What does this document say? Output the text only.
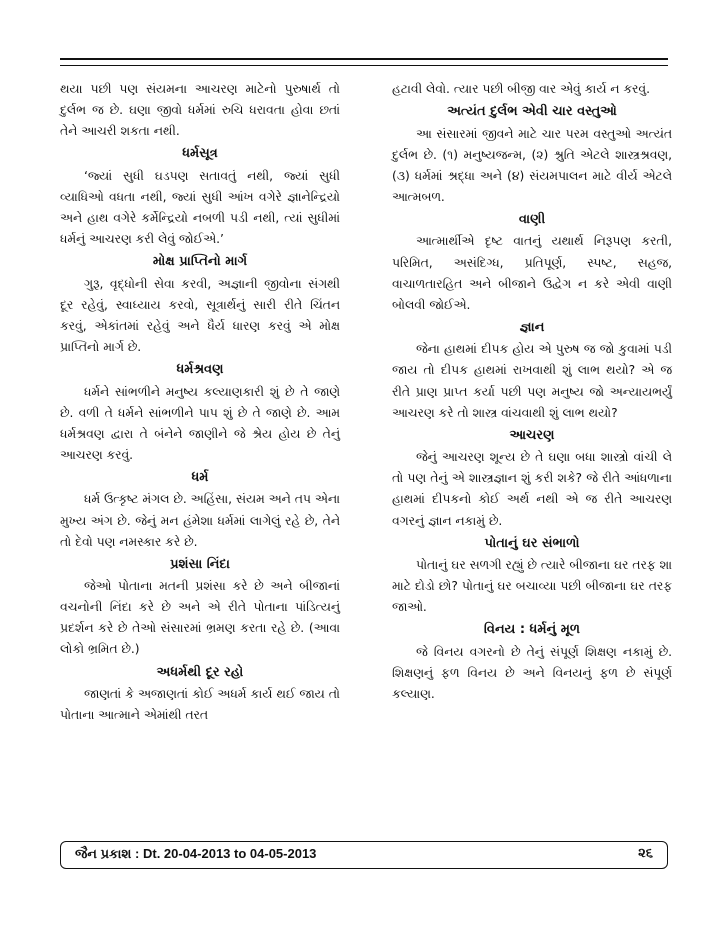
થયા પછી પણ સંયમના આચરણ માટેનો પુરુષાર્થ તો દુર્લભ જ છે. ઘણા જીવો ધર્મમાં રુચિ ધરાવતા હોવા છતાં તેને આચરી શકતા નથી.

ધર્મસૂત્ર

‘જ્યાં સુધી ઘડપણ સતાવતું નથી, જ્યાં સુધી વ્યાધિઓ વધતા નથી, જ્યાં સુધી આંખ વગેરે જ્ઞાનેન્દ્રિયો અને હાથ વગેરે કર્મેન્દ્રિયો નબળી પડી નથી, ત્યાં સુધીમાં ધર્મનું આચરણ કરી લેવું જોઈએ.’

મોક્ષ પ્રાપ્તિનો માર્ગ

ગુરૂ, વૃદ્ધોની સેવા કરવી, અજ્ઞાની જીવોના સંગથી દૂર રહેવું, સ્વાધ્યાય કરવો, સૂત્રાર્થનું સારી રીતે ચિંતન કરવું, એકાંતમાં રહેવું અને ધૈર્ય ધારણ કરવું એ મોક્ષ પ્રાપ્તિનો માર્ગ છે.

ધર્મશ્રવણ

ધર્મને સાંભળીને મનુષ્ય કલ્યાણકારી શું છે તે જાણે છે. વળી તે ધર્મને સાંભળીને પાપ શું છે તે જાણે છે. આમ ધર્મશ્રવણ દ્વારા તે બંનેને જાણીને જે શ્રેય હોય છે તેનું આચરણ કરવું.

ધર્મ

ધર્મ ઉત્કૃષ્ટ મંગલ છે. અહિંસા, સંયમ અને તપ એના મુખ્ય અંગ છે. જેનું મન હંમેશા ધર્મમાં લાગેલું રહે છે, તેને તો દેવો પણ નમસ્કાર કરે છે.

પ્રશંસા નિંદા

જેઓ પોતાના મતની પ્રશંસા કરે છે અને બીજાનાં વચનોની નિંદા કરે છે અને એ રીતે પોતાના પાંડિત્યનું પ્રદર્શન કરે છે તેઓ સંસારમાં ભ્રમણ કરતા રહે છે. (આવા લોકો ભ્રમિત છે.)

અધર્મથી દૂર રહો

જાણતાં કે અજાણતાં કોઈ અધર્મ કાર્ય થઈ જાય તો પોતાના આત્માને એમાંથી તરત

હટાવી લેવો. ત્યાર પછી બીજી વાર એવું કાર્ય ન કરવું.

અત્યંત દુર્લભ એવી ચાર વસ્તુઓ

આ સંસારમાં જીવને માટે ચાર પરમ વસ્તુઓ અત્યંત દુર્લભ છે. (૧) મનુષ્યજન્મ, (૨) શ્રુતિ એટલે શાસ્ત્રશ્રવણ, (૩) ધર્મમાં શ્રદ્ધા અને (૪) સંયમપાલન માટે વીર્ય એટલે આત્મબળ.

વાણી

આત્માર્થીએ દૃષ્ટ વાતનું યથાર્થ નિરૂપણ કરતી, પરિમિત, અસંદિગ્ધ, પ્રતિપૂર્ણ, સ્પષ્ટ, સહજ, વાચાળતારહિત અને બીજાને ઉદ્વેગ ન કરે એવી વાણી બોલવી જોઈએ.

જ્ઞાન

જેના હાથમાં દીપક હોય એ પુરુષ જ જો કુવામાં પડી જાય તો દીપક હાથમાં રાખવાથી શું લાભ થયો? એ જ રીતે પ્રાણ પ્રાપ્ત કર્યા પછી પણ મનુષ્ય જો અન્યાયભર્યું આચરણ કરે તો શાસ્ત્ર વાંચવાથી શું લાભ થયો?

આચરણ

જેનું આચરણ શૂન્ય છે તે ઘણા બધા શાસ્ત્રો વાંચી લે તો પણ તેનું એ શાસ્ત્રજ્ઞાન શું કરી શકે? જે રીતે આંધળાના હાથમાં દીપકનો કોઈ અર્થ નથી એ જ રીતે આચરણ વગરનું જ્ઞાન નકામું છે.

પોતાનું ઘર સંભાળો

પોતાનું ઘર સળગી રહ્યું છે ત્યારે બીજાના ઘર તરફ શા માટે દોડો છો? પોતાનું ઘર બચાવ્યા પછી બીજાના ઘર તરફ જાઓ.

વિનય : ધર્મનું મૂળ

જે વિનય વગરનો છે તેનું સંપૂર્ણ શિક્ષણ નકામું છે. શિક્ષણનું ફળ વિનય છે અને વિનયનું ફળ છે સંપૂર્ણ કલ્યાણ.

જૈન પ્રકાશ : Dt. 20-04-2013 to 04-05-2013	૨૬
